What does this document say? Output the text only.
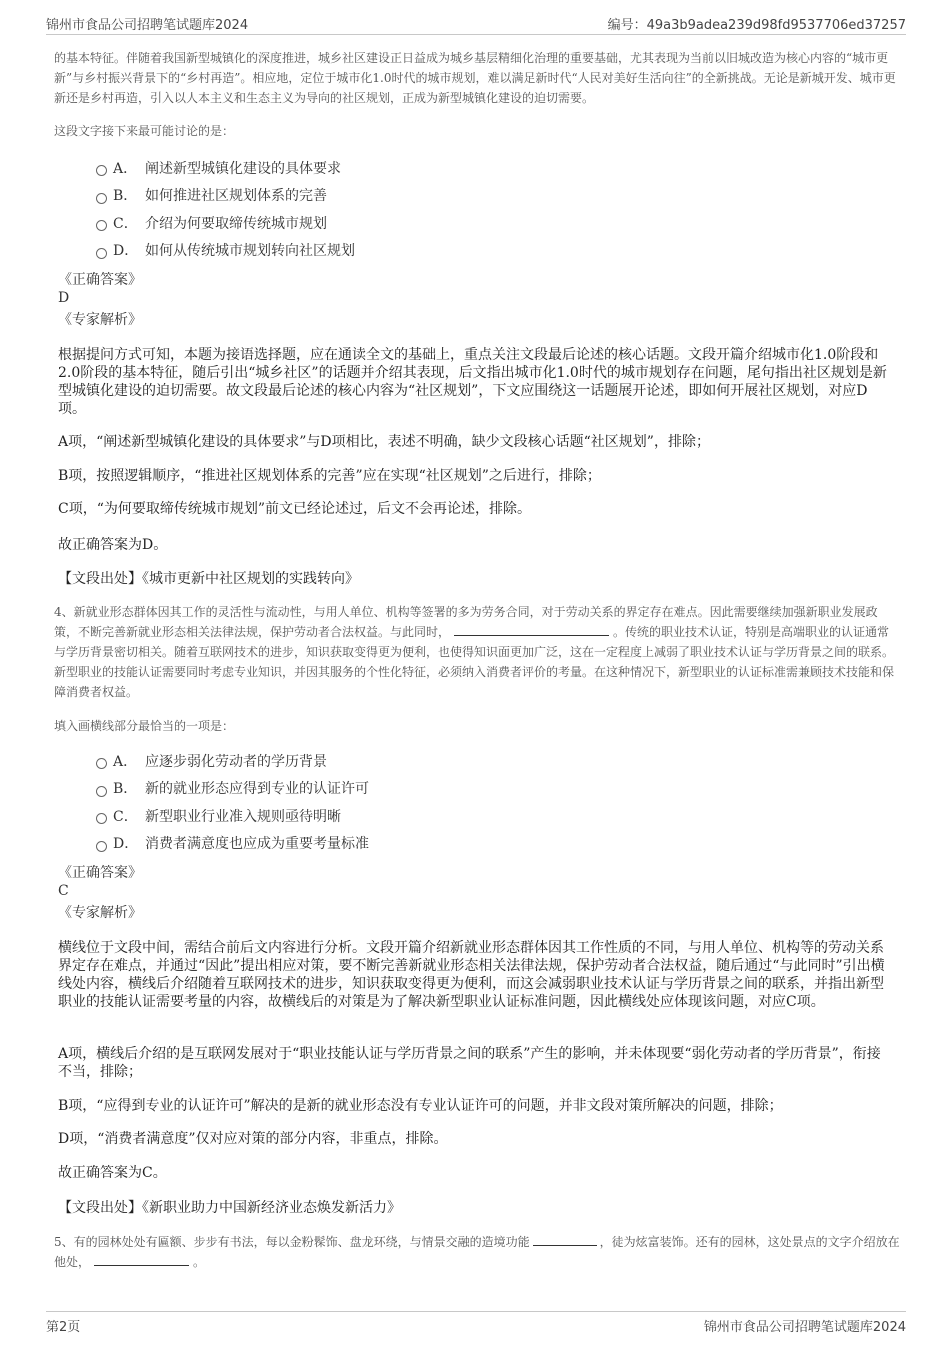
锦州市食品公司招聘笔试题库2024	编号：49a3b9adea239d98fd9537706ed37257
的基本特征。伴随着我国新型城镇化的深度推进，城乡社区建设正日益成为城乡基层精细化治理的重要基础，尤其表现为当前以旧城改造为核心内容的“城市更新”与乡村振兴背景下的“乡村再造”。相应地，定位于城市化1.0时代的城市规划，难以满足新时代“人民对美好生活向往”的全新挑战。无论是新城开发、城市更新还是乡村再造，引入以人本主义和生态主义为导向的社区规划，正成为新型城镇化建设的迫切需要。
这段文字接下来最可能讨论的是：
A． 阐述新型城镇化建设的具体要求
B． 如何推进社区规划体系的完善
C． 介绍为何要取缔传统城市规划
D． 如何从传统城市规划转向社区规划
《正确答案》
D
《专家解析》
根据提问方式可知，本题为接语选择题，应在通读全文的基础上，重点关注文段最后论述的核心话题。文段开篇介绍城市化1.0阶段和2.0阶段的基本特征，随后引出“城乡社区”的话题并介绍其表现，后文指出城市化1.0时代的城市规划存在问题，尾句指出社区规划是新型城镇化建设的迫切需要。故文段最后论述的核心内容为“社区规划”，下文应围绕这一话题展开论述，即如何开展社区规划，对应D项。
A项，“阐述新型城镇化建设的具体要求”与D项相比，表述不明确，缺少文段核心话题“社区规划”，排除；
B项，按照逻辑顺序，“推进社区规划体系的完善”应在实现“社区规划”之后进行，排除；
C项，“为何要取缔传统城市规划”前文已经论述过，后文不会再论述，排除。
故正确答案为D。
【文段出处】《城市更新中社区规划的实践转向》
4、新就业形态群体因其工作的灵活性与流动性，与用人单位、机构等签署的多为劳务合同，对于劳动关系的界定存在难点。因此需要继续加强新职业发展政策，不断完善新就业形态相关法律法规，保护劳动者合法权益。与此同时，	。传统的职业技术认证，特别是高端职业的认证通常与学历背景密切相关。随着互联网技术的进步，知识获取变得更为便利，也使得知识面更加广泛，这在一定程度上减弱了职业技术认证与学历背景之间的联系。新型职业的技能认证需要同时考虑专业知识，并因其服务的个性化特征，必须纳入消费者评价的考量。在这种情况下，新型职业的认证标准需兼顾技术技能和保障消费者权益。
填入画横线部分最恰当的一项是：
A． 应逐步弱化劳动者的学历背景
B． 新的就业形态应得到专业的认证许可
C． 新型职业行业准入规则亟待明晰
D． 消费者满意度也应成为重要考量标准
《正确答案》
C
《专家解析》
横线位于文段中间，需结合前后文内容进行分析。文段开篇介绍新就业形态群体因其工作性质的不同，与用人单位、机构等的劳动关系界定存在难点，并通过“因此”提出相应对策，要不断完善新就业形态相关法律法规，保护劳动者合法权益，随后通过“与此同时”引出横线处内容，横线后介绍随着互联网技术的进步，知识获取变得更为便利，而这会减弱职业技术认证与学历背景之间的联系，并指出新型职业的技能认证需要考量的内容，故横线后的对策是为了解决新型职业认证标准问题，因此横线处应体现该问题，对应C项。
A项，横线后介绍的是互联网发展对于“职业技能认证与学历背景之间的联系”产生的影响，并未体现要“弱化劳动者的学历背景”，衔接不当，排除；
B项，“应得到专业的认证许可”解决的是新的就业形态没有专业认证许可的问题，并非文段对策所解决的问题，排除；
D项，“消费者满意度”仅对应对策的部分内容，非重点，排除。
故正确答案为C。
【文段出处】《新职业助力中国新经济业态焕发新活力》
5、有的园林处处有匾额、步步有书法，每以金粉髹饰、盘龙环绕，与情景交融的造境功能	，徒为炫富装饰。还有的园林，这处景点的文字介绍放在他处，	。
第2页	锦州市食品公司招聘笔试题库2024
